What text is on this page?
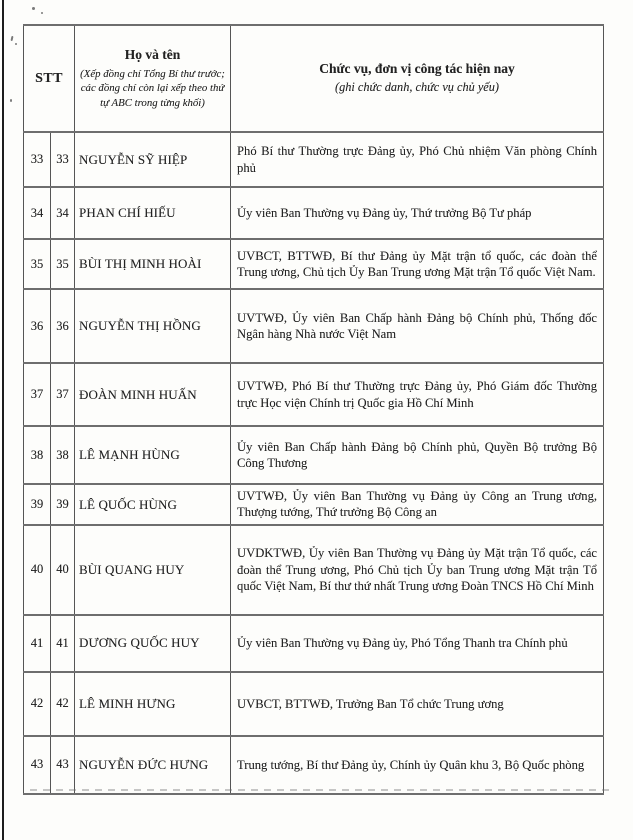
STT	
Họ và tên
(Xếp đồng chí Tổng Bí thư trước; các đồng chí còn lại xếp theo thứ tự ABC trong từng khối)

Chức vụ, đơn vị công tác hiện nay
(ghi chức danh, chức vụ chủ yếu)

33	33	NGUYỄN SỸ HIỆP	Phó Bí thư Thường trực Đảng ủy, Phó Chủ nhiệm Văn phòng Chính phủ
34	34	PHAN CHÍ HIẾU	Ủy viên Ban Thường vụ Đảng ủy, Thứ trưởng Bộ Tư pháp
35	35	BÙI THỊ MINH HOÀI	UVBCT, BTTWĐ, Bí thư Đảng ủy Mặt trận tổ quốc, các đoàn thể Trung ương, Chủ tịch Ủy Ban Trung ương Mặt trận Tổ quốc Việt Nam.
36	36	NGUYỄN THỊ HỒNG	UVTWĐ, Ủy viên Ban Chấp hành Đảng bộ Chính phủ, Thống đốc Ngân hàng Nhà nước Việt Nam
37	37	ĐOÀN MINH HUẤN	UVTWĐ, Phó Bí thư Thường trực Đảng ủy, Phó Giám đốc Thường trực Học viện Chính trị Quốc gia Hồ Chí Minh
38	38	LÊ MẠNH HÙNG	Ủy viên Ban Chấp hành Đảng bộ Chính phủ, Quyền Bộ trưởng Bộ Công Thương
39	39	LÊ QUỐC HÙNG	UVTWĐ, Ủy viên Ban Thường vụ Đảng ủy Công an Trung ương, Thượng tướng, Thứ trưởng Bộ Công an
40	40	BÙI QUANG HUY	UVDKTWĐ, Ủy viên Ban Thường vụ Đảng ủy Mặt trận Tổ quốc, các đoàn thể Trung ương, Phó Chủ tịch Ủy ban Trung ương Mặt trận Tổ quốc Việt Nam, Bí thư thứ nhất Trung ương Đoàn TNCS Hồ Chí Minh
41	41	DƯƠNG QUỐC HUY	Ủy viên Ban Thường vụ Đảng ủy, Phó Tổng Thanh tra Chính phủ
42	42	LÊ MINH HƯNG	UVBCT, BTTWĐ, Trưởng Ban Tổ chức Trung ương
43	43	NGUYỄN ĐỨC HƯNG	Trung tướng, Bí thư Đảng ủy, Chính ủy Quân khu 3, Bộ Quốc phòng
